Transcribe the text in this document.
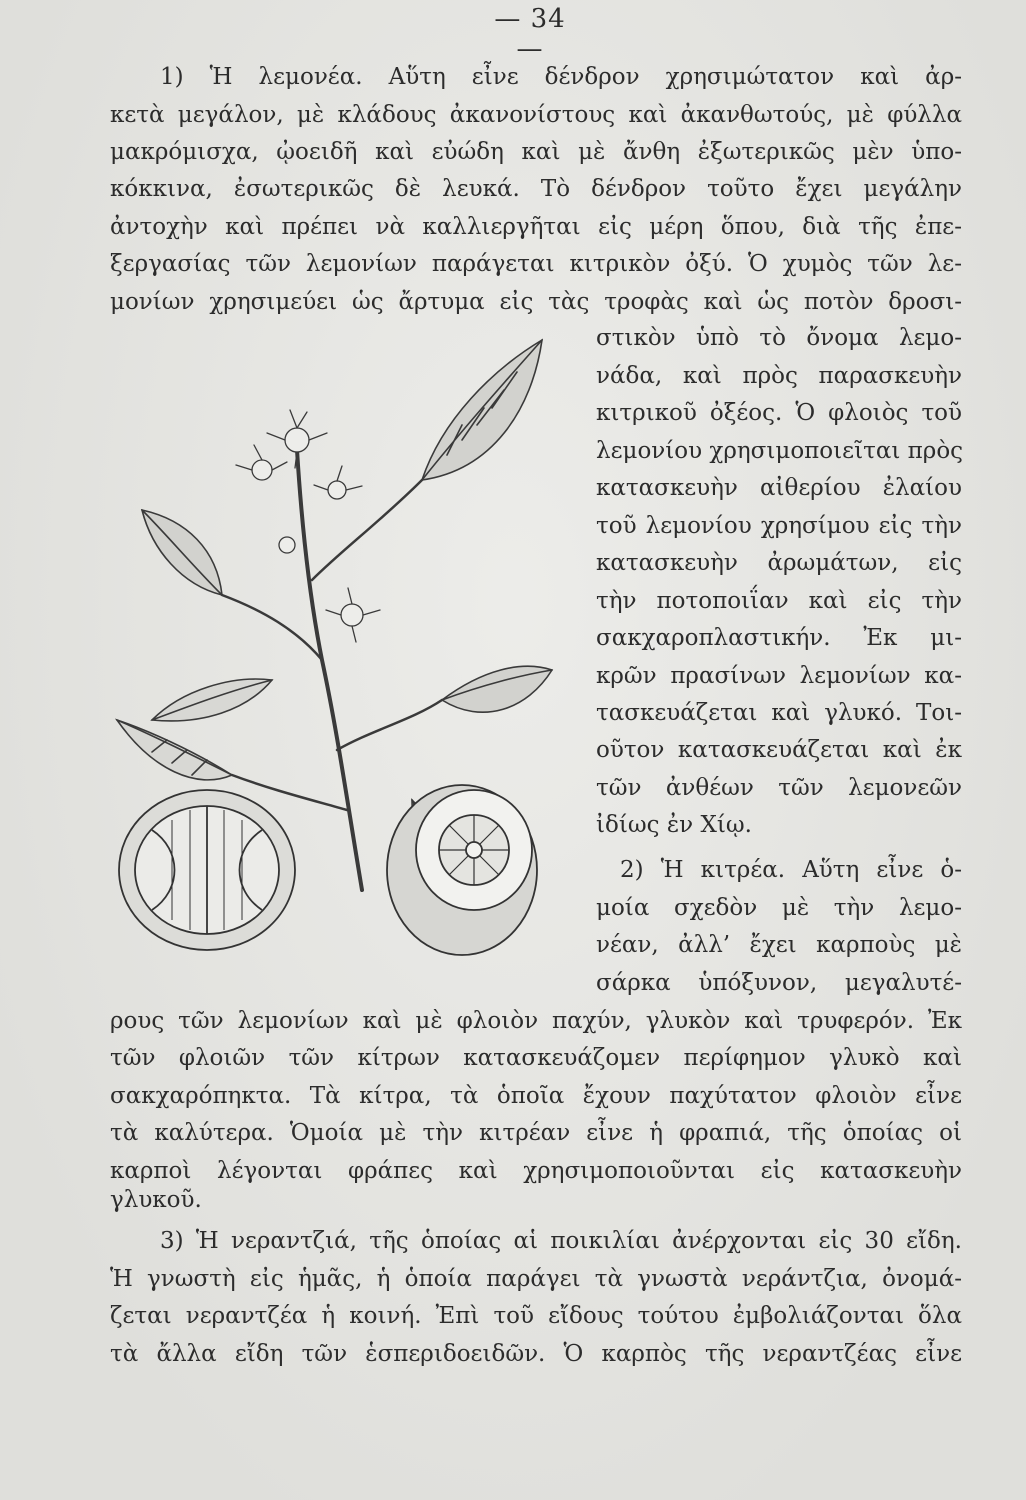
— 34 —
1) Ἡ λεμονέα. Αὕτη εἶνε δένδρον χρησιμώτατον καὶ ἀρ-
κετὰ μεγάλον, μὲ κλάδους ἀκανονίστους καὶ ἀκανθωτούς, μὲ φύλλα
μακρόμισχα, ᾠοειδῆ καὶ εὐώδη καὶ μὲ ἄνθη ἐξωτερικῶς μὲν ὑπο-
κόκκινα, ἐσωτερικῶς δὲ λευκά. Τὸ δένδρον τοῦτο ἔχει μεγάλην
ἀντοχὴν καὶ πρέπει νὰ καλλιεργῆται εἰς μέρη ὅπου, διὰ τῆς ἐπε-
ξεργασίας τῶν λεμονίων παράγεται κιτρικὸν ὀξύ. Ὁ χυμὸς τῶν λε-
μονίων χρησιμεύει ὡς ἄρτυμα εἰς τὰς τροφὰς καὶ ὡς ποτὸν δροσι-
στικὸν ὑπὸ τὸ ὄνομα λεμο-
νάδα, καὶ πρὸς παρασκευὴν
κιτρικοῦ ὀξέος. Ὁ φλοιὸς τοῦ
λεμονίου χρησιμοποιεῖται πρὸς
κατασκευὴν αἰθερίου ἐλαίου
τοῦ λεμονίου χρησίμου εἰς τὴν
κατασκευὴν ἀρωμάτων, εἰς
τὴν ποτοποιΐαν καὶ εἰς τὴν
σακχαροπλαστικήν. Ἐκ μι-
κρῶν πρασίνων λεμονίων κα-
τασκευάζεται καὶ γλυκό. Τοι-
οῦτον κατασκευάζεται καὶ ἐκ
τῶν ἀνθέων τῶν λεμονεῶν
ἰδίως ἐν Χίῳ.
2) Ἡ κιτρέα. Αὕτη εἶνε ὁ-
μοία σχεδὸν μὲ τὴν λεμο-
νέαν, ἀλλ’ ἔχει καρποὺς μὲ
σάρκα ὑπόξυνον, μεγαλυτέ-
ρους τῶν λεμονίων καὶ μὲ φλοιὸν παχύν, γλυκὸν καὶ τρυφερόν. Ἐκ
τῶν φλοιῶν τῶν κίτρων κατασκευάζομεν περίφημον γλυκὸ καὶ
σακχαρόπηκτα. Τὰ κίτρα, τὰ ὁποῖα ἔχουν παχύτατον φλοιὸν εἶνε
τὰ καλύτερα. Ὁμοία μὲ τὴν κιτρέαν εἶνε ἡ φραπιά, τῆς ὁποίας οἱ
καρποὶ λέγονται φράπες καὶ χρησιμοποιοῦνται εἰς κατασκευὴν
γλυκοῦ.
3) Ἡ νεραντζιά, τῆς ὁποίας αἱ ποικιλίαι ἀνέρχονται εἰς 30 εἴδη.
Ἡ γνωστὴ εἰς ἡμᾶς, ἡ ὁποία παράγει τὰ γνωστὰ νεράντζια, ὀνομά-
ζεται νεραντζέα ἡ κοινή. Ἐπὶ τοῦ εἴδους τούτου ἐμβολιάζονται ὅλα
τὰ ἄλλα εἴδη τῶν ἑσπεριδοειδῶν. Ὁ καρπὸς τῆς νεραντζέας εἶνε
